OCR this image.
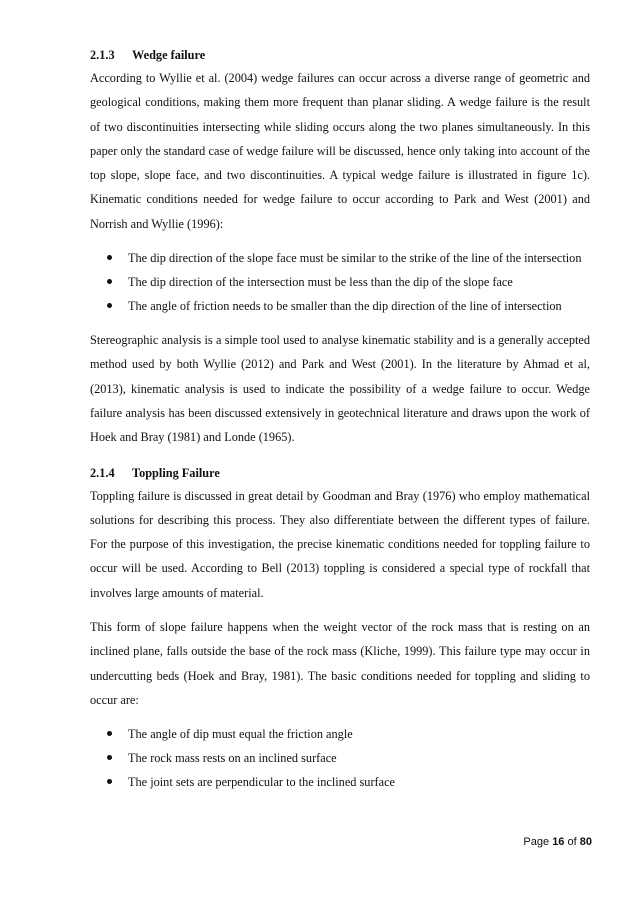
2.1.3 Wedge failure

According to Wyllie et al. (2004) wedge failures can occur across a diverse range of geometric and geological conditions, making them more frequent than planar sliding. A wedge failure is the result of two discontinuities intersecting while sliding occurs along the two planes simultaneously. In this paper only the standard case of wedge failure will be discussed, hence only taking into account of the top slope, slope face, and two discontinuities. A typical wedge failure is illustrated in figure 1c). Kinematic conditions needed for wedge failure to occur according to Park and West (2001) and Norrish and Wyllie (1996):

The dip direction of the slope face must be similar to the strike of the line of the intersection
The dip direction of the intersection must be less than the dip of the slope face
The angle of friction needs to be smaller than the dip direction of the line of intersection

Stereographic analysis is a simple tool used to analyse kinematic stability and is a generally accepted method used by both Wyllie (2012) and Park and West (2001). In the literature by Ahmad et al, (2013), kinematic analysis is used to indicate the possibility of a wedge failure to occur. Wedge failure analysis has been discussed extensively in geotechnical literature and draws upon the work of Hoek and Bray (1981) and Londe (1965).

2.1.4 Toppling Failure

Toppling failure is discussed in great detail by Goodman and Bray (1976) who employ mathematical solutions for describing this process. They also differentiate between the different types of failure. For the purpose of this investigation, the precise kinematic conditions needed for toppling failure to occur will be used. According to Bell (2013) toppling is considered a special type of rockfall that involves large amounts of material.

This form of slope failure happens when the weight vector of the rock mass that is resting on an inclined plane, falls outside the base of the rock mass (Kliche, 1999). This failure type may occur in undercutting beds (Hoek and Bray, 1981). The basic conditions needed for toppling and sliding to occur are:

The angle of dip must equal the friction angle
The rock mass rests on an inclined surface
The joint sets are perpendicular to the inclined surface
Page 16 of 80
